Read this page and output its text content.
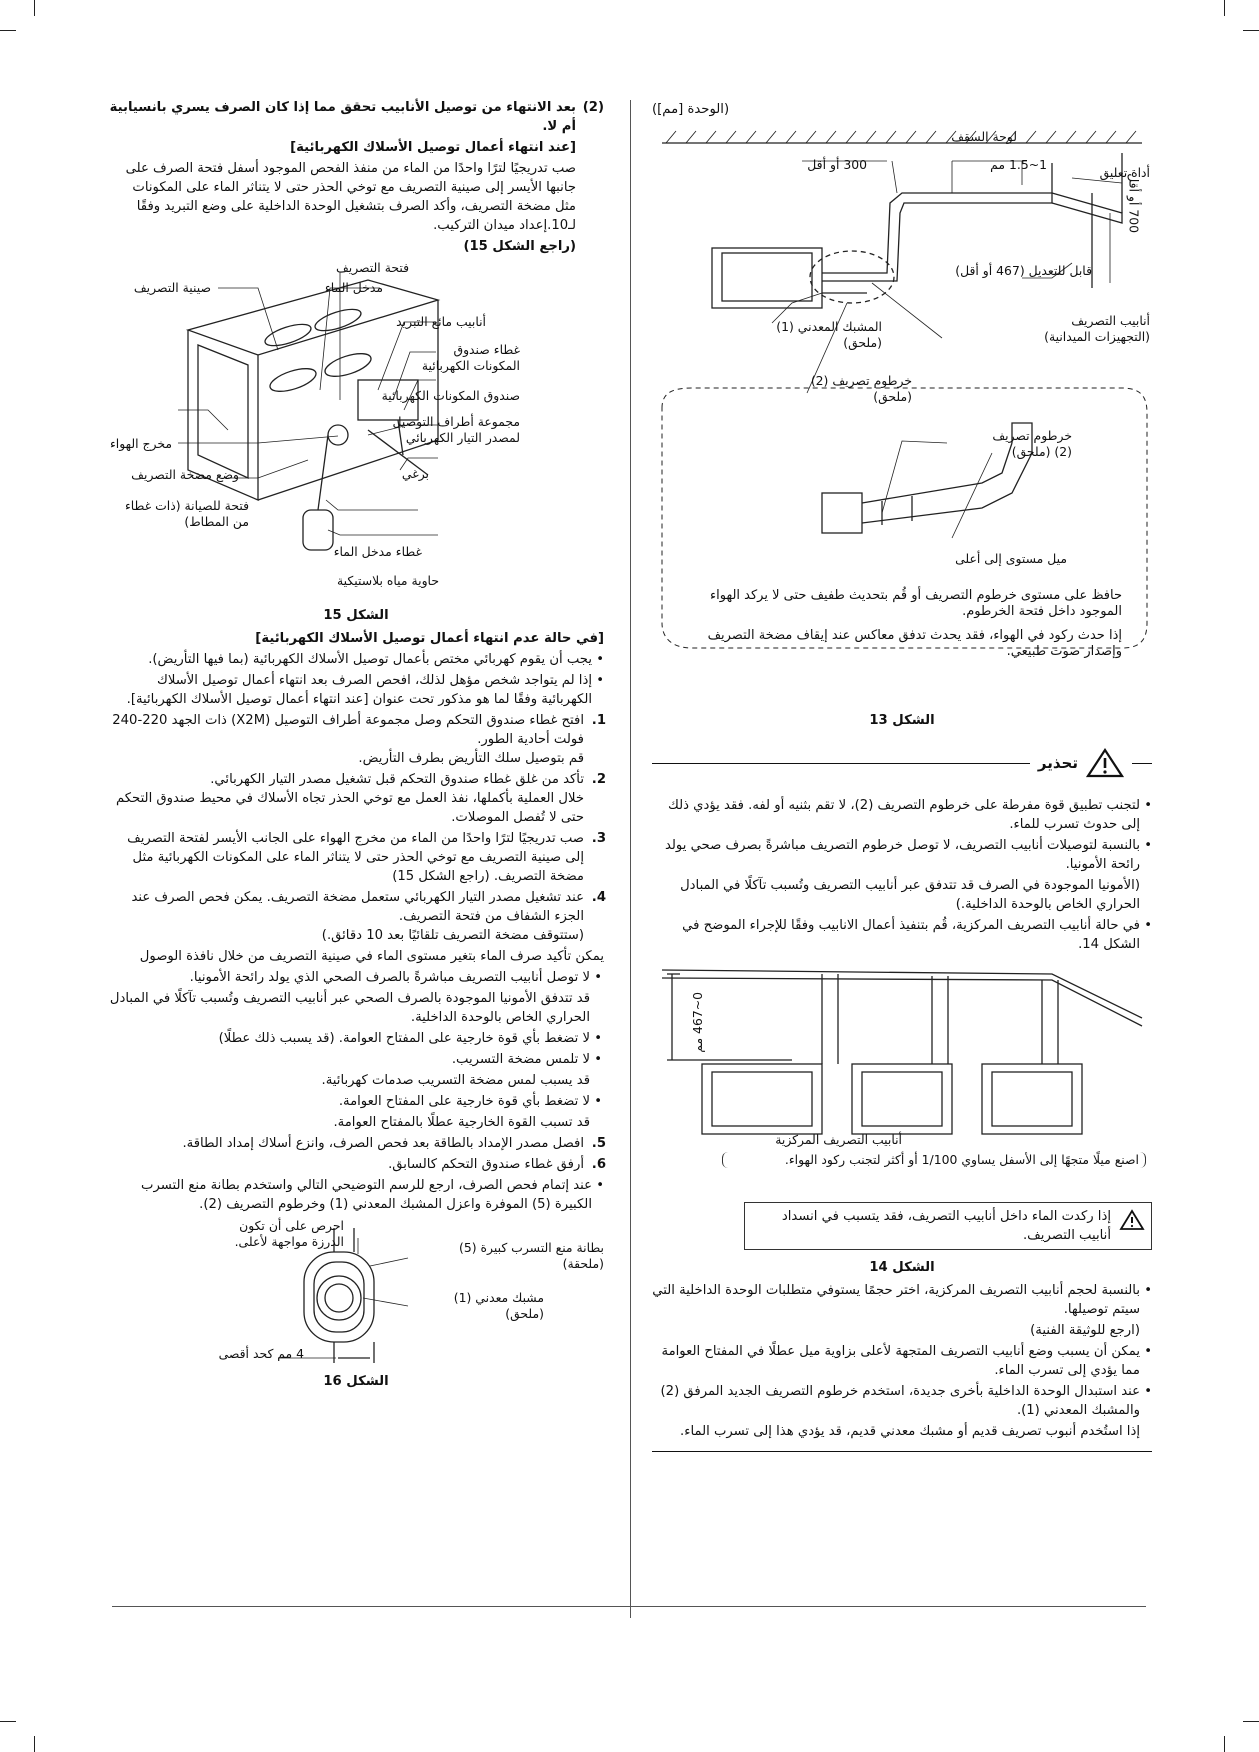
(2)

بعد الانتهاء من توصيل الأنابيب تحقق مما إذا كان الصرف يسري بانسيابية أم لا.

[عند انتهاء أعمال توصيل الأسلاك الكهربائية]

صب تدريجيًا لترًا واحدًا من الماء من منفذ الفحص الموجود أسفل فتحة الصرف على جانبها الأيسر إلى صينية التصريف مع توخي الحذر حتى لا يتناثر الماء على المكونات مثل مضخة التصريف، وأكد الصرف بتشغيل الوحدة الداخلية على وضع التبريد وفقًا لـ10.إعداد ميدان التركيب.

(راجع الشكل 15)

فتحة التصريف
صينية التصريف	مدخل الماء
أنابيب مائع التبريد
غطاء صندوق المكونات الكهربائية
صندوق المكونات الكهربائية
مجموعة أطراف التوصيل لمصدر التيار الكهربائي
مخرج الهواء
وضع مضخة التصريف	برغي
فتحة للصيانة (ذات غطاء من المطاط)
غطاء مدخل الماء
حاوية مياه بلاستيكية

الشكل 15

[في حالة عدم انتهاء أعمال توصيل الأسلاك الكهربائية]

• يجب أن يقوم كهربائي مختص بأعمال توصيل الأسلاك الكهربائية (بما فيها التأريض).
• إذا لم يتواجد شخص مؤهل لذلك، افحص الصرف بعد انتهاء أعمال توصيل الأسلاك الكهربائية وفقًا لما هو مذكور تحت عنوان [عند انتهاء أعمال توصيل الأسلاك الكهربائية].
1.
افتح غطاء صندوق التحكم وصل مجموعة أطراف التوصيل (X2M) ذات الجهد 220-240 فولت أحادية الطور.
قم بتوصيل سلك التأريض بطرف التأريض.
2.
تأكد من غلق غطاء صندوق التحكم قبل تشغيل مصدر التيار الكهربائي.
خلال العملية بأكملها، نفذ العمل مع توخي الحذر تجاه الأسلاك في محيط صندوق التحكم حتى لا تُفصل الموصلات.
3.
صب تدريجيًا لترًا واحدًا من الماء من مخرج الهواء على الجانب الأيسر لفتحة التصريف إلى صينية التصريف مع توخي الحذر حتى لا يتناثر الماء على المكونات الكهربائية مثل مضخة التصريف. (راجع الشكل 15)
4.
عند تشغيل مصدر التيار الكهربائي ستعمل مضخة التصريف. يمكن فحص الصرف عند الجزء الشفاف من فتحة التصريف.
(ستتوقف مضخة التصريف تلقائيًا بعد 10 دقائق.)

يمكن تأكيد صرف الماء بتغير مستوى الماء في صينية التصريف من خلال نافذة الوصول

• لا توصل أنابيب التصريف مباشرةً بالصرف الصحي الذي يولد رائحة الأمونيا.

قد تتدفق الأمونيا الموجودة بالصرف الصحي عبر أنابيب التصريف وتُسبب تآكلًا في المبادل الحراري الخاص بالوحدة الداخلية.

• لا تضغط بأي قوة خارجية على المفتاح العوامة. (قد يسبب ذلك عطلًا)
• لا تلمس مضخة التسريب.

قد يسبب لمس مضخة التسريب صدمات كهربائية.

• لا تضغط بأي قوة خارجية على المفتاح العوامة.

قد تسبب القوة الخارجية عطلًا بالمفتاح العوامة.

5.
افصل مصدر الإمداد بالطاقة بعد فحص الصرف، وانزع أسلاك إمداد الطاقة.
6.
أرفق غطاء صندوق التحكم كالسابق.
• عند إتمام فحص الصرف، ارجع للرسم التوضيحي التالي واستخدم بطانة منع التسرب الكبيرة (5) الموفرة واعزل المشبك المعدني (1) وخرطوم التصريف (2).
احرص على أن تكون الدرزة مواجهة لأعلى.	بطانة منع التسرب كبيرة (5) (ملحقة)
مشبك معدني (1) (ملحق)
4 مم كحد أقصى

الشكل 16

(الوحدة [مم])

لوحة السقف
أداة تعليق
300 أو أقل	1~1.5 مم
700 أو أقل
قابل للتعديل (467 أو أقل)
أنابيب التصريف (التجهيزات الميدانية)
المشبك المعدني (1) (ملحق)
خرطوم تصريف (2) (ملحق)
خرطوم تصريف (2) (ملحق)
ميل مستوى إلى أعلى
حافظ على مستوى خرطوم التصريف أو قُم بتحديث طفيف حتى لا يركد الهواء الموجود داخل فتحة الخرطوم.
إذا حدث ركود في الهواء، فقد يحدث تدفق معاكس عند إيقاف مضخة التصريف وإصدار صوت طبيعي.

الشكل 13

تحذير
• لتجنب تطبيق قوة مفرطة على خرطوم التصريف (2)، لا تقم بثنيه أو لفه. فقد يؤدي ذلك إلى حدوث تسرب للماء.
• بالنسبة لتوصيلات أنابيب التصريف، لا توصل خرطوم التصريف مباشرةً بصرف صحي يولد رائحة الأمونيا.

(الأمونيا الموجودة في الصرف قد تتدفق عبر أنابيب التصريف وتُسبب تآكلًا في المبادل الحراري الخاص بالوحدة الداخلية.)

• في حالة أنابيب التصريف المركزية، قُم بتنفيذ أعمال الانابيب وفقًا للإجراء الموضح في الشكل 14.
0~467 مم
أنابيب التصريف المركزية
اصنع ميلًا متجهًا إلى الأسفل يساوي 1/100 أو أكثر لتجنب ركود الهواء.
إذا ركدت الماء داخل أنابيب التصريف، فقد يتسبب في انسداد أنابيب التصريف.

الشكل 14

• بالنسبة لحجم أنابيب التصريف المركزية، اختر حجمًا يستوفي متطلبات الوحدة الداخلية التي سيتم توصيلها.

(ارجع للوثيقة الفنية)

• يمكن أن يسبب وضع أنابيب التصريف المتجهة لأعلى بزاوية ميل عطلًا في المفتاح العوامة مما يؤدي إلى تسرب الماء.
• عند استبدال الوحدة الداخلية بأخرى جديدة، استخدم خرطوم التصريف الجديد المرفق (2) والمشبك المعدني (1).

إذا استُخدم أنبوب تصريف قديم أو مشبك معدني قديم، قد يؤدي هذا إلى تسرب الماء.
